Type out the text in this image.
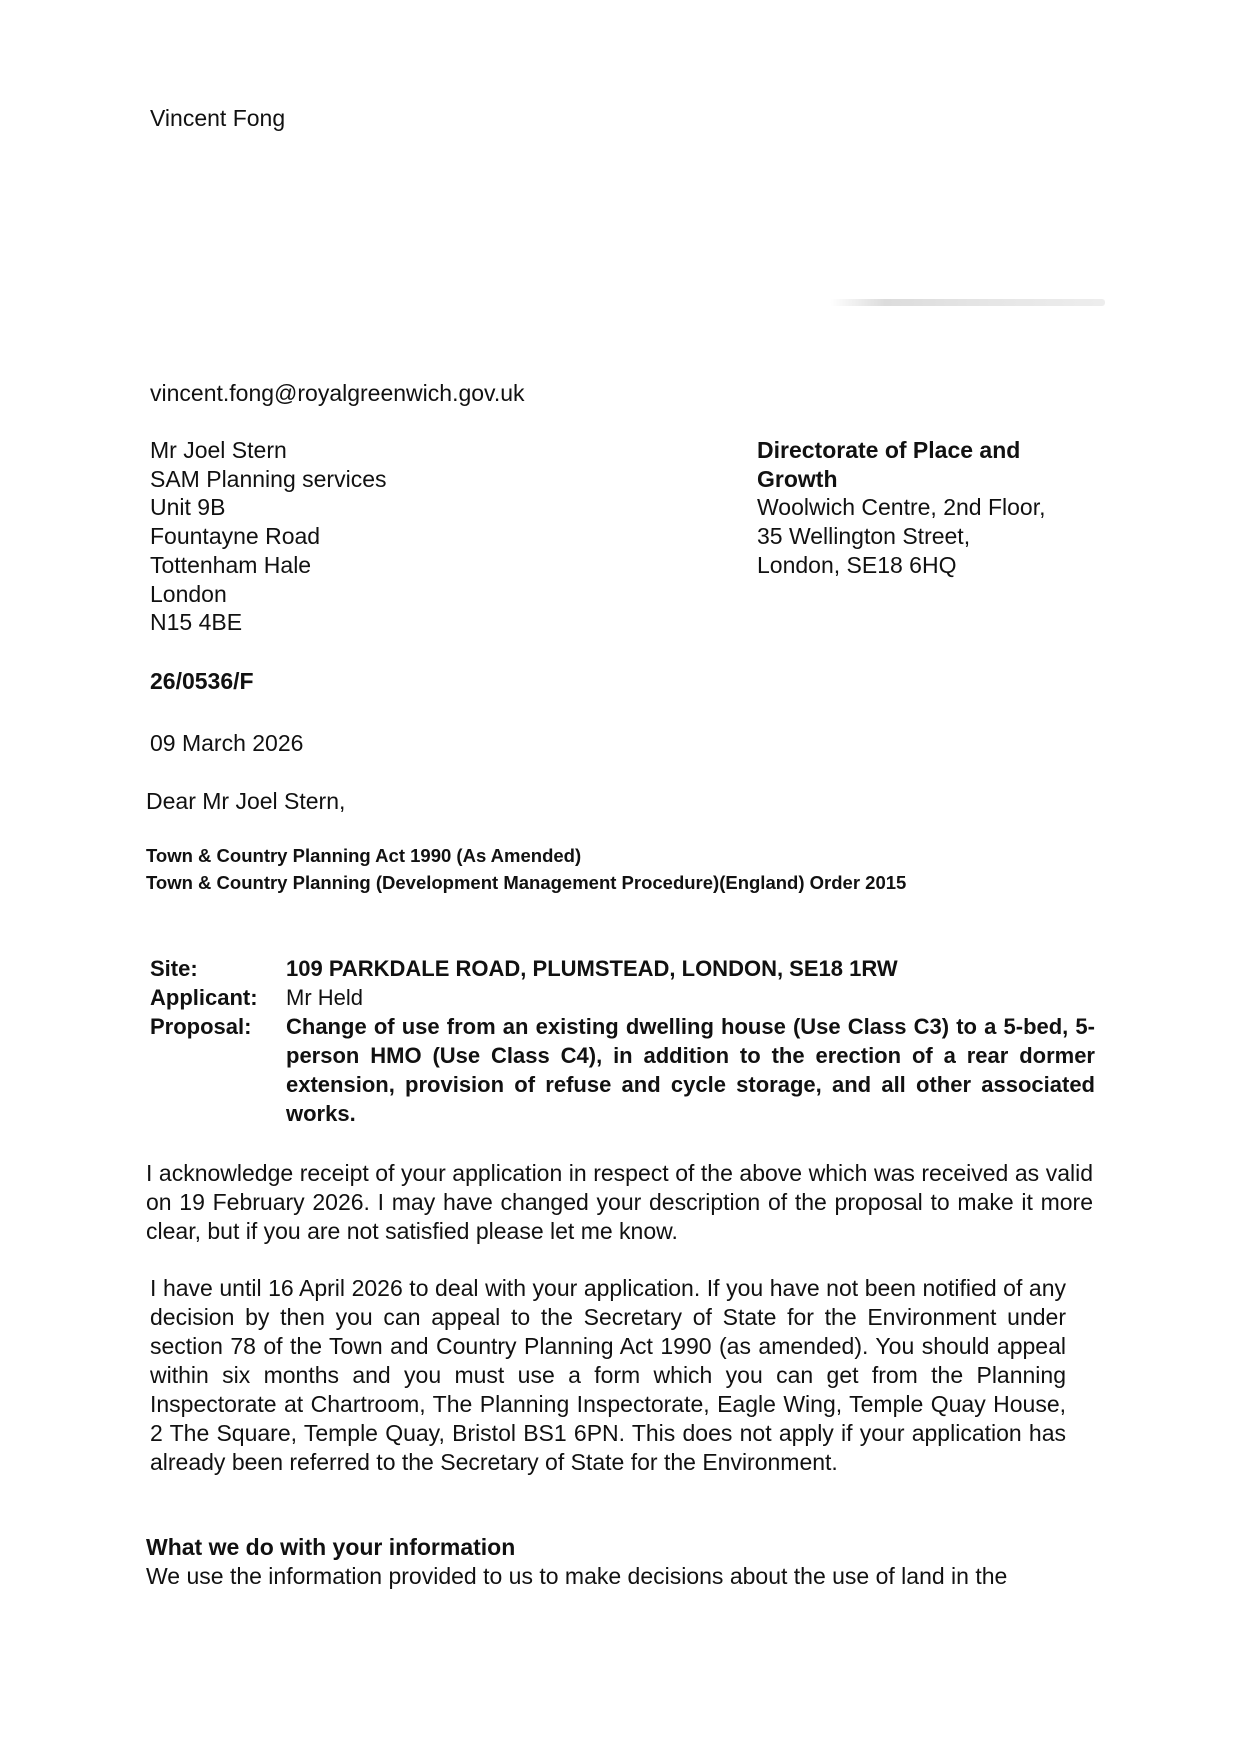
Vincent Fong
vincent.fong@royalgreenwich.gov.uk
Mr Joel Stern
SAM Planning services
Unit 9B
Fountayne Road
Tottenham Hale
London
N15 4BE
Directorate of Place and Growth
Woolwich Centre, 2nd Floor,
35 Wellington Street,
London, SE18 6HQ
26/0536/F
09 March 2026
Dear Mr Joel Stern,
Town & Country Planning Act 1990 (As Amended)
Town & Country Planning (Development Management Procedure)(England) Order 2015
Site:	109 PARKDALE ROAD, PLUMSTEAD, LONDON, SE18 1RW
Applicant:	Mr Held
Proposal:	Change of use from an existing dwelling house (Use Class C3) to a 5-bed, 5-person HMO (Use Class C4), in addition to the erection of a rear dormer extension, provision of refuse and cycle storage, and all other associated works.
I acknowledge receipt of your application in respect of the above which was received as valid on 19 February 2026. I may have changed your description of the proposal to make it more clear, but if you are not satisfied please let me know.
I have until 16 April 2026 to deal with your application. If you have not been notified of any decision by then you can appeal to the Secretary of State for the Environment under section 78 of the Town and Country Planning Act 1990 (as amended). You should appeal within six months and you must use a form which you can get from the Planning Inspectorate at Chartroom, The Planning Inspectorate, Eagle Wing, Temple Quay House, 2 The Square, Temple Quay, Bristol BS1 6PN. This does not apply if your application has already been referred to the Secretary of State for the Environment.
What we do with your information
We use the information provided to us to make decisions about the use of land in the
